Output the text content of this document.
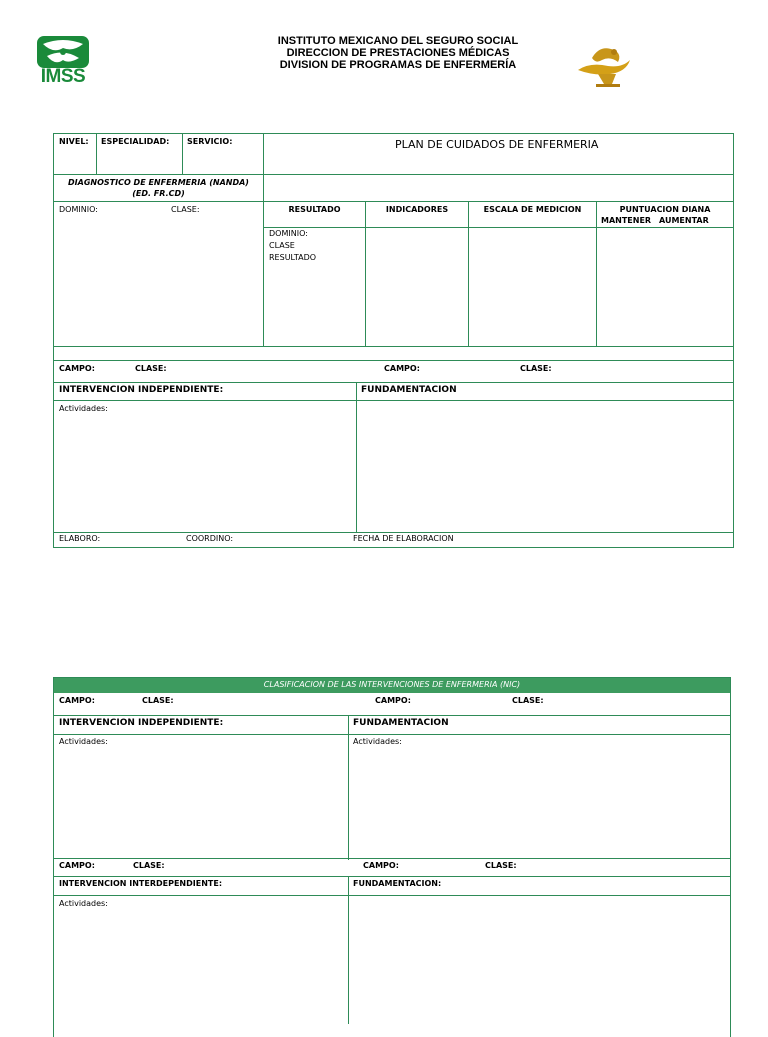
IMSS
INSTITUTO MEXICANO DEL SEGURO SOCIAL
DIRECCION DE PRESTACIONES MÉDICAS
DIVISION DE PROGRAMAS DE ENFERMERÍA
NIVEL: ESPECIALIDAD: SERVICIO:	PLAN DE CUIDADOS DE ENFERMERIA
DIAGNOSTICO DE ENFERMERIA (NANDA)
(ED. FR.CD)
DOMINIO:	CLASE:	RESULTADO	INDICADORES	ESCALA DE MEDICION	PUNTUACION DIANA
MANTENER AUMENTAR
DOMINIO:
CLASE
RESULTADO
CAMPO:	CLASE:	CAMPO:	CLASE:
INTERVENCION INDEPENDIENTE:	FUNDAMENTACION
Actividades:
ELABORO:	COORDINO:	FECHA DE ELABORACION
CLASIFICACION DE LAS INTERVENCIONES DE ENFERMERIA (NIC)
CAMPO:	CLASE:	CAMPO:	CLASE:
INTERVENCION INDEPENDIENTE:	FUNDAMENTACION
Actividades:	Actividades:
CAMPO:	CLASE:	CAMPO:	CLASE:
INTERVENCION INTERDEPENDIENTE:	FUNDAMENTACION:
Actividades:
